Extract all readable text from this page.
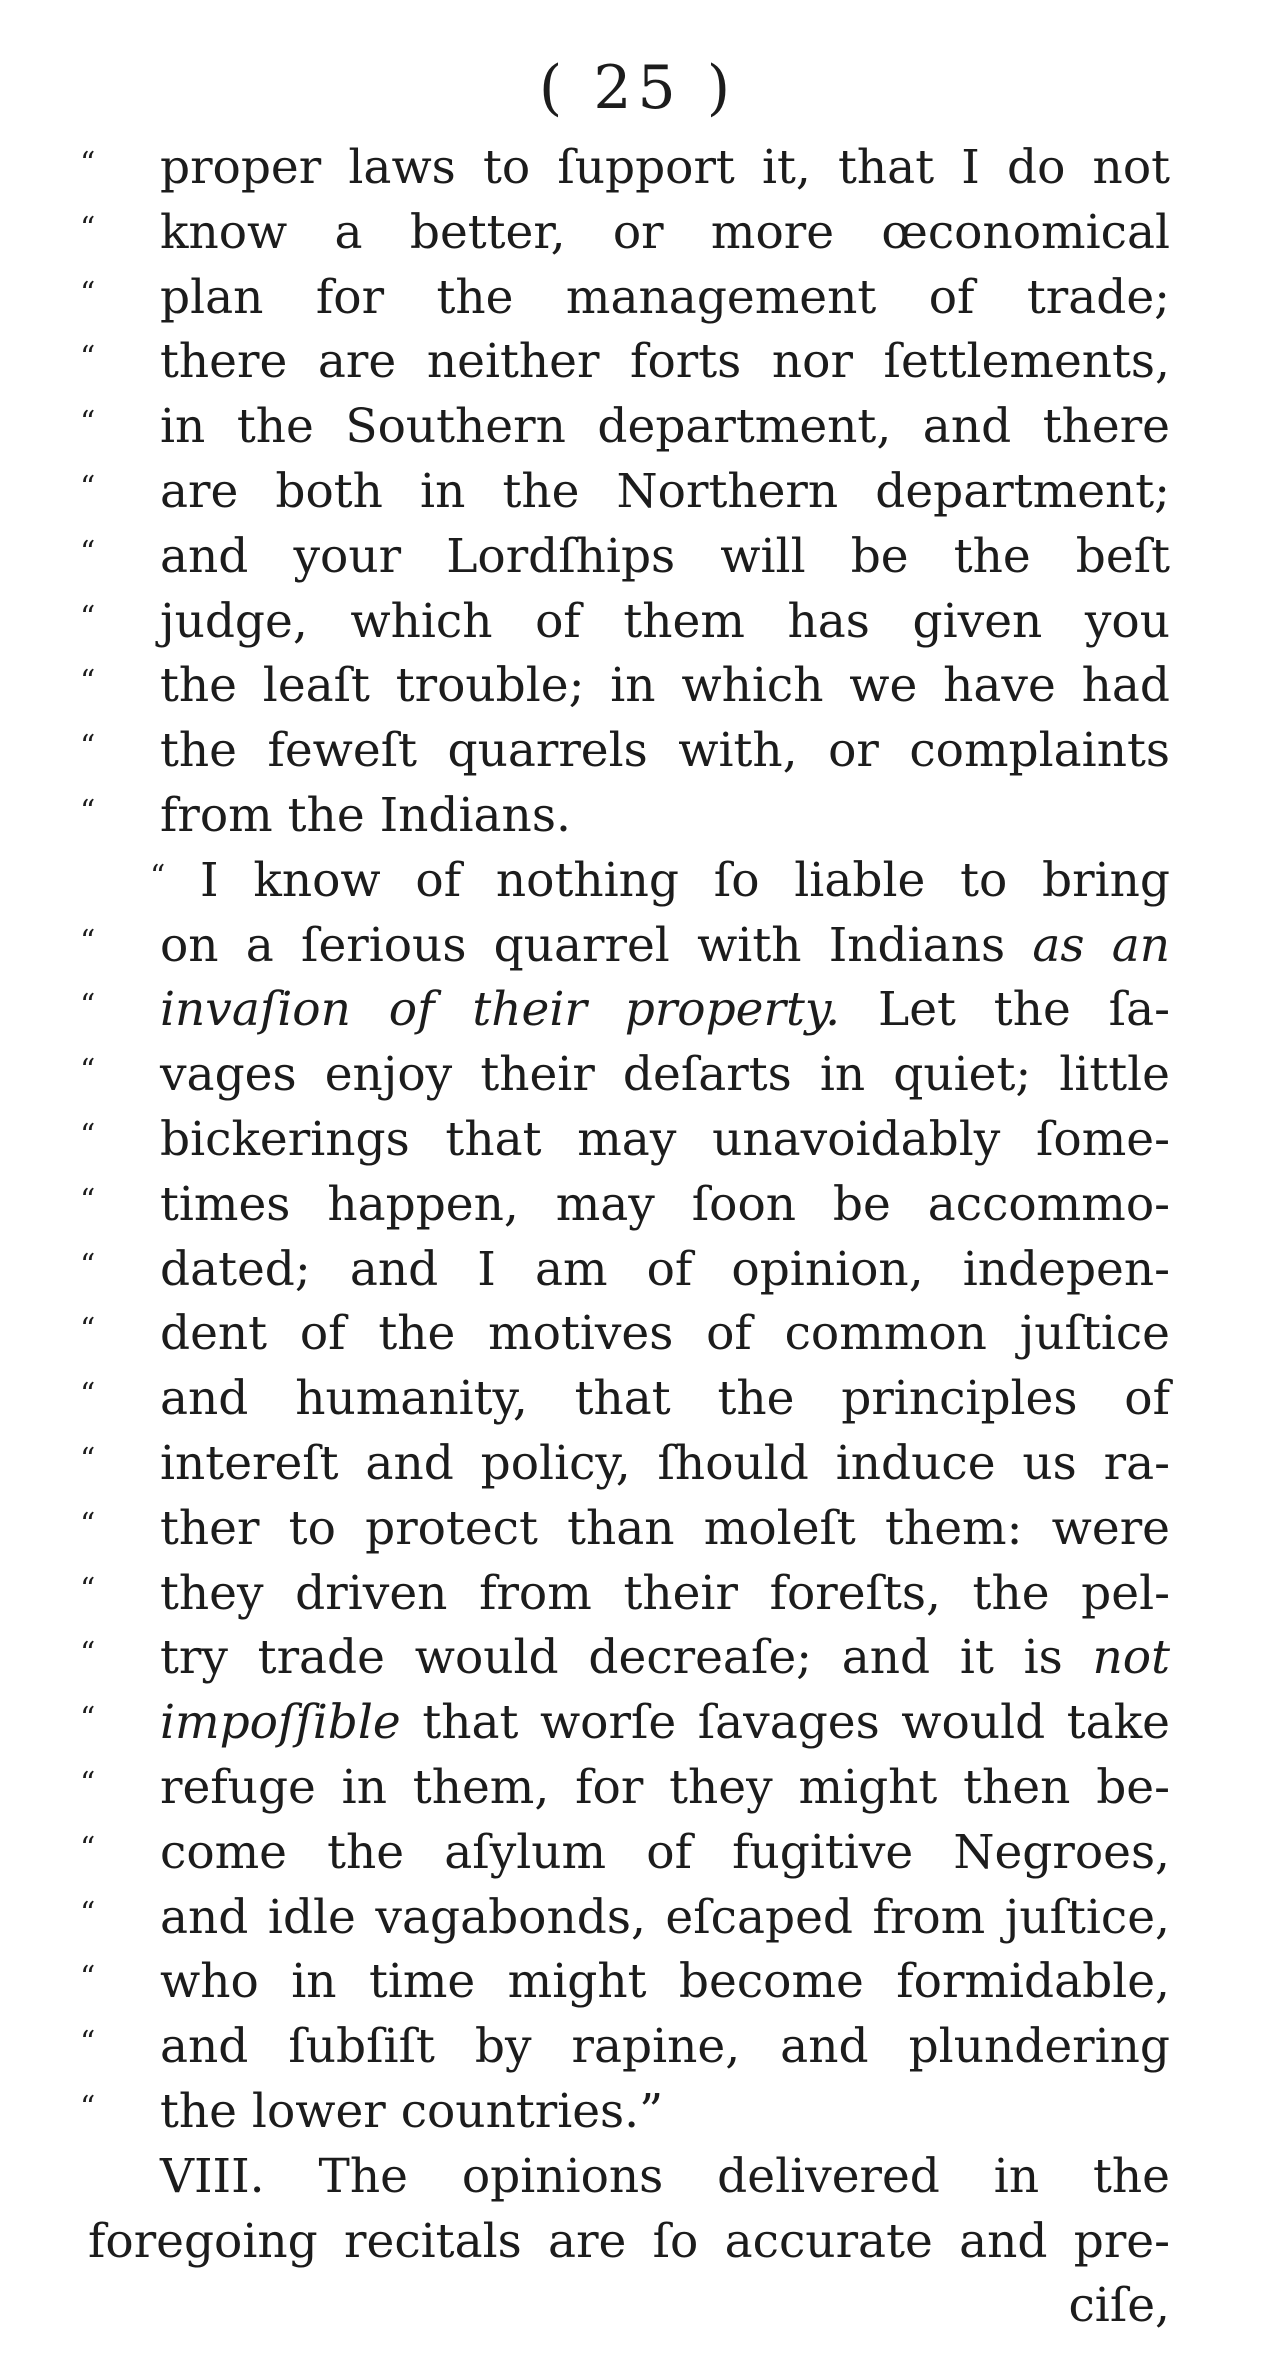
( 25 )
“ proper laws to ſupport it, that I do not
“ know a better, or more œconomical
“ plan for the management of trade;
“ there are neither forts nor ſettlements,
“ in the Southern department, and there
“ are both in the Northern department;
“ and your Lordſhips will be the beſt
“ judge, which of them has given you
“ the leaſt trouble; in which we have had
“ the feweſt quarrels with, or complaints
“ from the Indians.
“ I know of nothing ſo liable to bring
“ on a ſerious quarrel with Indians as an
“ invaſion of their property. Let the ſa-
“ vages enjoy their deſarts in quiet; little
“ bickerings that may unavoidably ſome-
“ times happen, may ſoon be accommo-
“ dated; and I am of opinion, indepen-
“ dent of the motives of common juſtice
“ and humanity, that the principles of
“ intereſt and policy, ſhould induce us ra-
“ ther to protect than moleſt them: were
“ they driven from their foreſts, the pel-
“ try trade would decreaſe; and it is not
“ impoſſible that worſe ſavages would take
“ refuge in them, for they might then be-
“ come the aſylum of fugitive Negroes,
“ and idle vagabonds, eſcaped from juſtice,
“ who in time might become formidable,
“ and ſubſiſt by rapine, and plundering
“ the lower countries.”
VIII. The opinions delivered in the
foregoing recitals are ſo accurate and pre-
ciſe,
